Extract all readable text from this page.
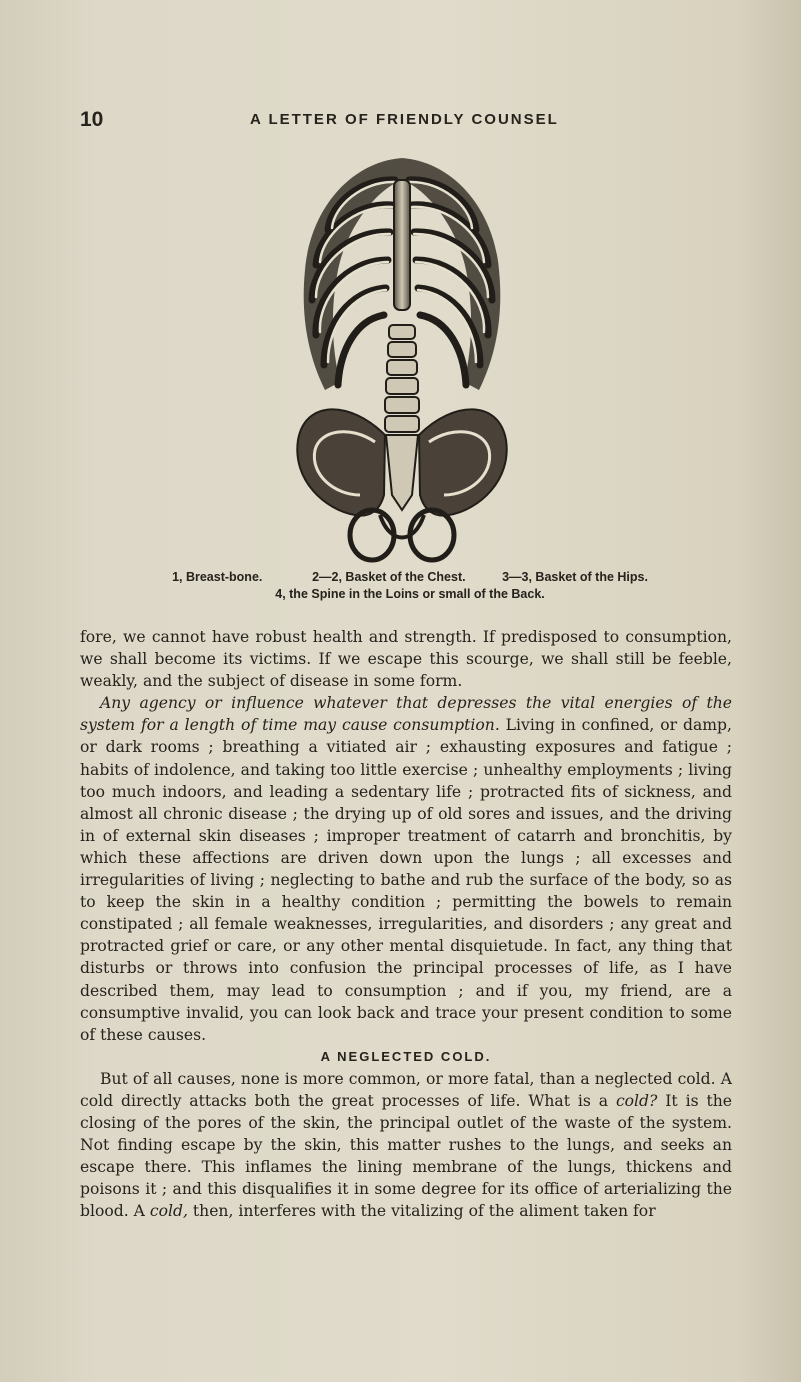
10	A LETTER OF FRIENDLY COUNSEL
1, Breast-bone.	2—2, Basket of the Chest.	3—3, Basket of the Hips.
4, the Spine in the Loins or small of the Back.

fore, we cannot have robust health and strength. If predisposed to consumption, we shall become its victims. If we escape this scourge, we shall still be feeble, weakly, and the subject of disease in some form.

Any agency or influence whatever that depresses the vital energies of the system for a length of time may cause consumption. Living in confined, or damp, or dark rooms ; breathing a vitiated air ; exhausting exposures and fatigue ; habits of indolence, and taking too little exercise ; unhealthy employments ; living too much indoors, and leading a sedentary life ; protracted fits of sickness, and almost all chronic disease ; the drying up of old sores and issues, and the driving in of external skin diseases ; improper treatment of catarrh and bronchitis, by which these affections are driven down upon the lungs ; all excesses and irregularities of living ; neglecting to bathe and rub the surface of the body, so as to keep the skin in a healthy condition ; permitting the bowels to remain constipated ; all female weaknesses, irregularities, and disorders ; any great and protracted grief or care, or any other mental disquietude. In fact, any thing that disturbs or throws into confusion the principal processes of life, as I have described them, may lead to consumption ; and if you, my friend, are a consumptive invalid, you can look back and trace your present condition to some of these causes.

A NEGLECTED COLD.

But of all causes, none is more common, or more fatal, than a neglected cold. A cold directly attacks both the great processes of life. What is a cold? It is the closing of the pores of the skin, the principal outlet of the waste of the system. Not finding escape by the skin, this matter rushes to the lungs, and seeks an escape there. This inflames the lining membrane of the lungs, thickens and poisons it ; and this disqualifies it in some degree for its office of arterializing the blood. A cold, then, interferes with the vitalizing of the aliment taken for
